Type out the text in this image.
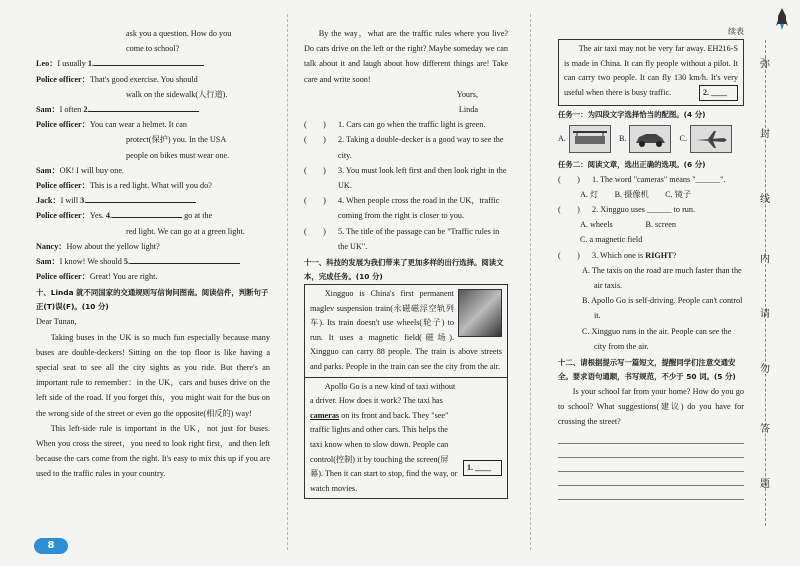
ask you a question. How do you
come to school?
Leo： I usually 1.
Police officer： That's good exercise. You should
walk on the sidewalk(人行道).
Sam： I often 2.
Police officer： You can wear a helmet. It can
protect(保护) you. In the USA
people on bikes must wear one.
Sam： OK! I will buy one.
Police officer： This is a red light. What will you do?
Jack： I will 3.
Police officer： Yes. 4.	go at the
red light. We can go at a green light.
Nancy： How about the yellow light?
Sam： I know! We should 5.
Police officer： Great! You are right.
十、Linda 就不同国家的交通规则写信询问图南。阅读信件，判断句子正(T)误(F)。(10 分)
Dear Tunan,
Taking buses in the UK is so much fun especially because many buses are double-deckers! Sitting on the top floor is like having a special seat to see all the city sights as you ride. But there's an important rule to remember：in the UK，cars and buses drive on the left side of the road. If you forget this，you might wait for the bus on the wrong side of the street or even go the opposite(相反的) way!
This left-side rule is important in the UK，not just for buses. When you cross the street，you need to look right first，and then left because the cars come from the right. It's easy to mix this up if you are used to the traffic rules in your country.
By the way，what are the traffic rules where you live? Do cars drive on the left or the right? Maybe someday we can talk about it and laugh about how different things are! Take care and write soon!
Yours,
Linda
(　　)	1. Cars can go when the traffic light is green.
(　　)	2. Taking a double-decker is a good way to see the city.
(　　)	3. You must look left first and then look right in the UK.
(　　)	4. When people cross the road in the UK，traffic coming from the right is closer to you.
(　　)	5. The title of the passage can be "Traffic rules in the UK".
十一、科技的发展为我们带来了更加多样的出行选择。阅读文本，完成任务。(10 分)
Xingguo is China's first permanent maglev suspension train(永磁磁浮空轨列车). Its train doesn't use wheels(轮子) to run. It uses a magnetic field(磁场). Xingguo can carry 88 people. The train is above streets and parks. People in the train can see the city from the air.
1. ____
Apollo Go is a new kind of taxi without a driver. How does it work? The taxi has cameras on its front and back. They "see" traffic lights and other cars. This helps the taxi know when to slow down. People can control(控制) it by touching the screen(屏幕). Then it can start to stop, find the way, or watch movies.
续表
The air taxi may not be very far away. EH216-S is made in China. It can fly people without a pilot. It can carry two people. It can fly 130 km/h. It's very useful when there is busy traffic.	2. ____
任务一：为四段文字选择恰当的配图。(4 分)
A.	B.	C.
任务二：阅读文章，选出正确的选项。(6 分)
(　　)	1. The word "cameras" means "______".
A. 灯   B. 摄像机   C. 镜子
(　　)	2. Xingguo uses ______ to run.
A. wheels    	B. screen
C. a magnetic field
(　　)	3. Which one is RIGHT?
A. The taxis on the road are much faster than the air taxis.
B. Apollo Go is self-driving. People can't control it.
C. Xingguo runs in the air. People can see the city from the air.
十二、请根据提示写一篇短文，提醒同学们注意交通安全。要求语句通顺，书写规范，不少于 50 词。(5 分)
Is your school far from your home? How do you go to school? What suggestions(建议) do you have for crossing the street?
弥
封
线
内
请
勿
答
题
8
